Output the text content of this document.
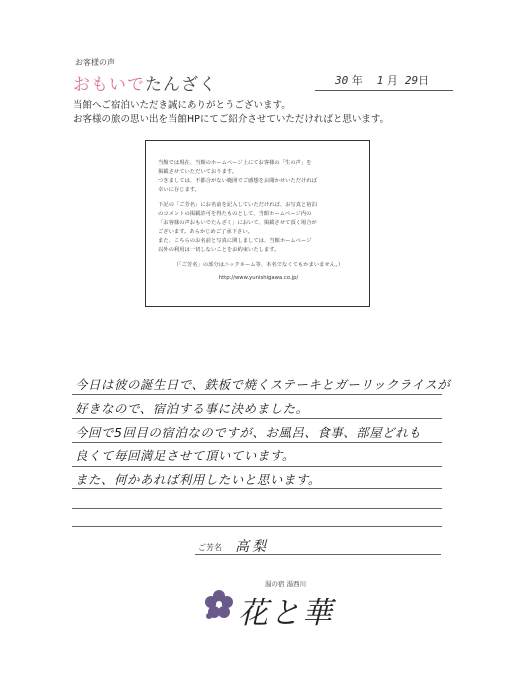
お客様の声
おもいでたんざく	30 年 1 月 29日
当館へご宿泊いただき誠にありがとうございます。
お客様の旅の思い出を当館HPにてご紹介させていただければと思います。

当館では現在、当館のホームページ上にてお客様の「生の声」を
掲載させていただいております。
つきましては、不都合がない範囲でご感想をお聞かせいただければ
幸いに存じます。

下記の「ご芳名」にお名前を記入していただければ、お写真と宿泊
のコメントの掲載許可を得たものとして、当館ホームページ内の
「お客様の声おもいでたんざく」において、掲載させて頂く場合が
ございます。あらかじめご了承下さい。
また、こちらのお名前と写真に関しましては、当館ホームページ
以外の利用は一切しないことをお約束いたします。

（「ご芳名」の部分はニックネーム等、本名でなくてもかまいません。）
http://www.yunishigawa.co.jp/
今日は彼の誕生日で、鉄板で焼くステーキとガーリックライスが
好きなので、宿泊する事に決めました。
今回で5回目の宿泊なのですが、お風呂、食事、部屋どれも
良くて毎回満足させて頂いています。
また、何かあれば利用したいと思います。
ご芳名 高梨
湯の宿 湯西川
花と華
